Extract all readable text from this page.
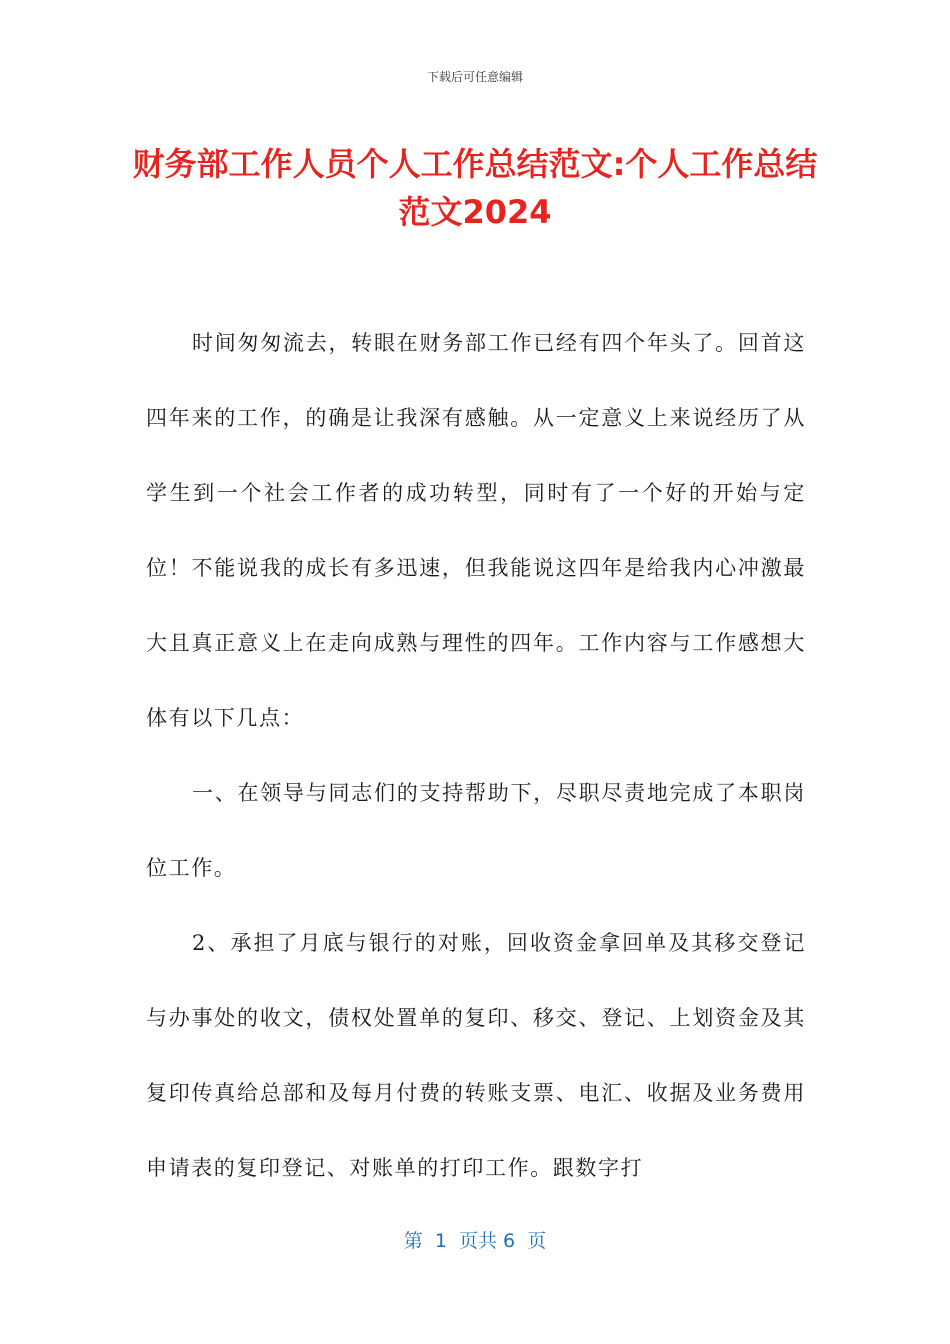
下载后可任意编辑
财务部工作人员个人工作总结范文:个人工作总结范文2024

时间匆匆流去，转眼在财务部工作已经有四个年头了。回首这四年来的工作，的确是让我深有感触。从一定意义上来说经历了从学生到一个社会工作者的成功转型，同时有了一个好的开始与定位！不能说我的成长有多迅速，但我能说这四年是给我内心冲激最大且真正意义上在走向成熟与理性的四年。工作内容与工作感想大体有以下几点：

一、在领导与同志们的支持帮助下，尽职尽责地完成了本职岗位工作。

2、承担了月底与银行的对账，回收资金拿回单及其移交登记与办事处的收文，债权处置单的复印、移交、登记、上划资金及其复印传真给总部和及每月付费的转账支票、电汇、收据及业务费用申请表的复印登记、对账单的打印工作。跟数字打

第  1  页共 6  页
